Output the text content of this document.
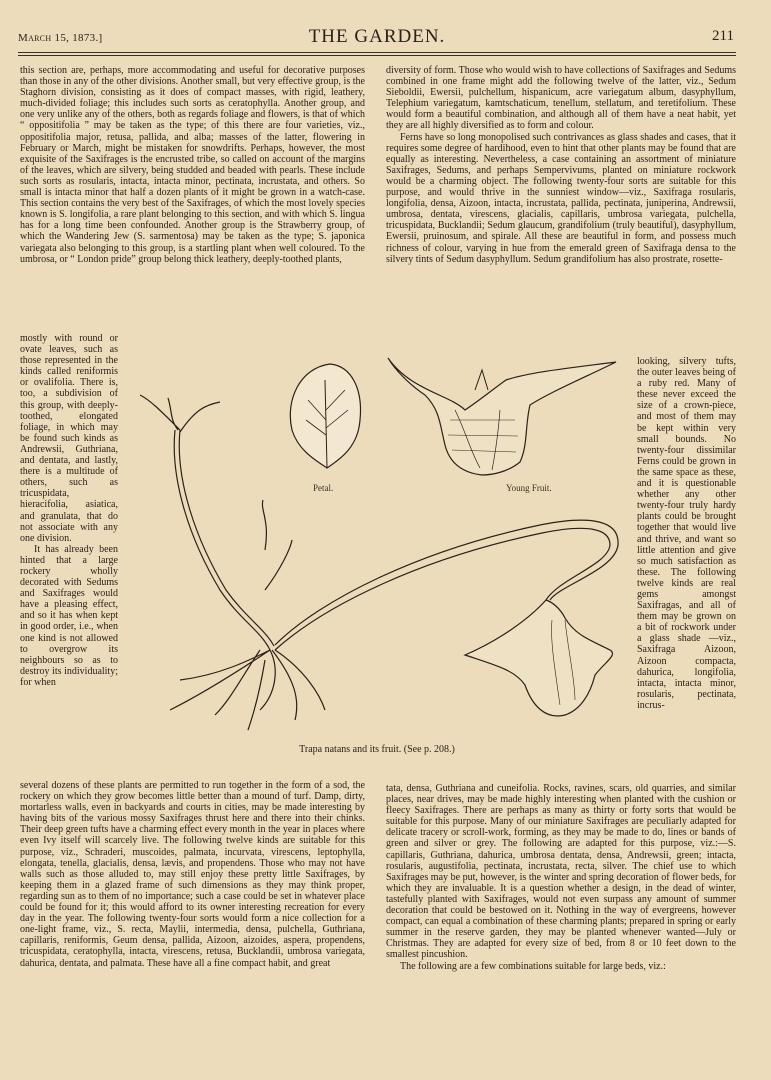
March 15, 1873.]	THE GARDEN.	211

this section are, perhaps, more accommodating and useful for decorative purposes than those in any of the other divisions. Another small, but very effective group, is the Staghorn division, consisting as it does of compact masses, with rigid, leathery, much-divided foliage; this includes such sorts as ceratophylla. Another group, and one very unlike any of the others, both as regards foliage and flowers, is that of which “ oppositifolia ” may be taken as the type; of this there are four varieties, viz., oppositifolia major, retusa, pallida, and alba; masses of the latter, flowering in February or March, might be mistaken for snowdrifts. Perhaps, however, the most exquisite of the Saxifrages is the encrusted tribe, so called on account of the margins of the leaves, which are silvery, being studded and beaded with pearls. These include such sorts as rosularis, intacta, intacta minor, pectinata, incrustata, and others. So small is intacta minor that half a dozen plants of it might be grown in a watch-case. This section contains the very best of the Saxifrages, of which the most lovely species known is S. longifolia, a rare plant belonging to this section, and with which S. lingua has for a long time been confounded. Another group is the Strawberry group, of which the Wandering Jew (S. sarmentosa) may be taken as the type; S. japonica variegata also belonging to this group, is a startling plant when well coloured. To the umbrosa, or “ London pride” group belong thick leathery, deeply-toothed plants,

mostly with round or ovate leaves, such as those represented in the kinds called reniformis or ovalifolia. There is, too, a subdivision of this group, with deeply-toothed, elongated foliage, in which may be found such kinds as Andrewsii, Guthriana, and dentata, and lastly, there is a multitude of others, such as tricuspidata, hieracifolia, asiatica, and granulata, that do not associate with any one division.

It has already been hinted that a large rockery wholly decorated with Sedums and Saxifrages would have a pleasing effect, and so it has when kept in good order, i.e., when one kind is not allowed to overgrow its neighbours so as to destroy its individuality; for when

several dozens of these plants are permitted to run together in the form of a sod, the rockery on which they grow becomes little better than a mound of turf. Damp, dirty, mortarless walls, even in backyards and courts in cities, may be made interesting by having bits of the various mossy Saxifrages thrust here and there into their chinks. Their deep green tufts have a charming effect every month in the year in places where even Ivy itself will scarcely live. The following twelve kinds are suitable for this purpose, viz., Schraderi, muscoides, palmata, incurvata, virescens, leptophylla, elongata, tenella, glacialis, densa, lævis, and propendens. Those who may not have walls such as those alluded to, may still enjoy these pretty little Saxifrages, by keeping them in a glazed frame of such dimensions as they may think proper, regarding sun as to them of no importance; such a case could be set in whatever place could be found for it; this would afford to its owner interesting recreation for every day in the year. The following twenty-four sorts would form a nice collection for a one-light frame, viz., S. recta, Maylii, intermedia, densa, pulchella, Guthriana, capillaris, reniformis, Geum densa, pallida, Aizoon, aizoides, aspera, propendens, tricuspidata, ceratophylla, intacta, virescens, retusa, Bucklandii, umbrosa variegata, dahurica, dentata, and palmata. These have all a fine compact habit, and great

diversity of form. Those who would wish to have collections of Saxifrages and Sedums combined in one frame might add the following twelve of the latter, viz., Sedum Sieboldii, Ewersii, pulchellum, hispanicum, acre variegatum album, dasyphyllum, Telephium variegatum, kamtschaticum, tenellum, stellatum, and teretifolium. These would form a beautiful combination, and although all of them have a neat habit, yet they are all highly diversified as to form and colour.

Ferns have so long monopolised such contrivances as glass shades and cases, that it requires some degree of hardihood, even to hint that other plants may be found that are equally as interesting. Nevertheless, a case containing an assortment of miniature Saxifrages, Sedums, and perhaps Sempervivums, planted on miniature rockwork would be a charming object. The following twenty-four sorts are suitable for this purpose, and would thrive in the sunniest window—viz., Saxifraga rosularis, longifolia, densa, Aizoon, intacta, incrustata, pallida, pectinata, juniperina, Andrewsii, umbrosa, dentata, virescens, glacialis, capillaris, umbrosa variegata, pulchella, tricuspidata, Bucklandii; Sedum glaucum, grandifolium (truly beautiful), dasyphyllum, Ewersii, pruinosum, and spirale. All these are beautiful in form, and possess much richness of colour, varying in hue from the emerald green of Saxifraga densa to the silvery tints of Sedum dasyphyllum. Sedum grandifolium has also prostrate, rosette-

looking, silvery tufts, the outer leaves being of a ruby red. Many of these never exceed the size of a crown-piece, and most of them may be kept within very small bounds. No twenty-four dissimilar Ferns could be grown in the same space as these, and it is questionable whether any other twenty-four truly hardy plants could be brought together that would live and thrive, and want so little attention and give so much satisfaction as these. The following twelve kinds are real gems amongst Saxifragas, and all of them may be grown on a bit of rockwork under a glass shade —viz., Saxifraga Aizoon, Aizoon compacta, dahurica, longifolia, intacta, intacta minor, rosularis, pectinata, incrus-

tata, densa, Guthriana and cuneifolia. Rocks, ravines, scars, old quarries, and similar places, near drives, may be made highly interesting when planted with the cushion or fleecy Saxifrages. There are perhaps as many as thirty or forty sorts that would be suitable for this purpose. Many of our miniature Saxifrages are peculiarly adapted for delicate tracery or scroll-work, forming, as they may be made to do, lines or bands of green and silver or grey. The following are adapted for this purpose, viz.:—S. capillaris, Guthriana, dahurica, umbrosa dentata, densa, Andrewsii, green; intacta, rosularis, augustifolia, pectinata, incrustata, recta, silver. The chief use to which Saxifrages may be put, however, is the winter and spring decoration of flower beds, for which they are invaluable. It is a question whether a design, in the dead of winter, tastefully planted with Saxifrages, would not even surpass any amount of summer decoration that could be bestowed on it. Nothing in the way of evergreens, however compact, can equal a combination of these charming plants; prepared in spring or early summer in the reserve garden, they may be planted whenever wanted—July or Christmas. They are adapted for every size of bed, from 8 or 10 feet down to the smallest pincushion.

The following are a few combinations suitable for large beds, viz.:

Petal.	Young Fruit.
Trapa natans and its fruit. (See p. 208.)
